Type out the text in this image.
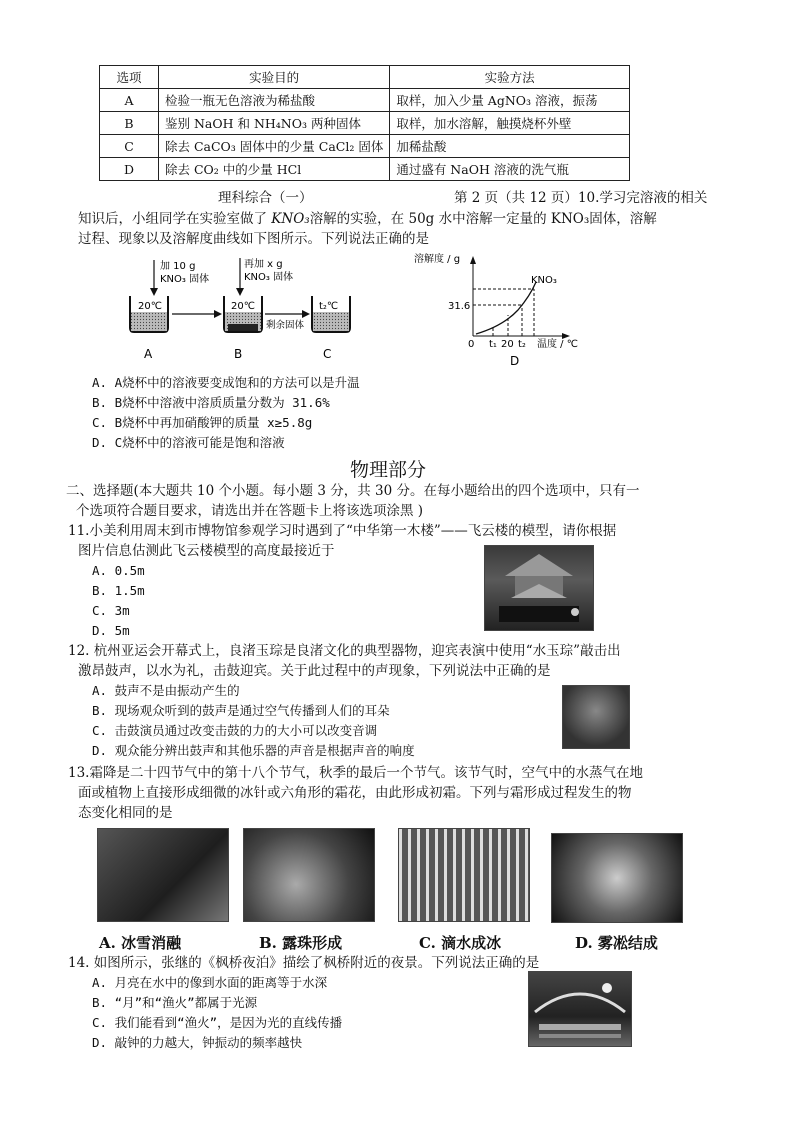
选项	实验目的	实验方法
A	检验一瓶无色溶液为稀盐酸	取样，加入少量 AgNO₃ 溶液，振荡
B	鉴别 NaOH 和 NH₄NO₃ 两种固体	取样，加水溶解，触摸烧杯外壁
C	除去 CaCO₃ 固体中的少量 CaCl₂ 固体	加稀盐酸
D	除去 CO₂ 中的少量 HCl	通过盛有 NaOH 溶液的洗气瓶
理科综合（一）	第 2 页（共 12 页）10.学习完溶液的相关
知识后，小组同学在实验室做了 KNO₃溶解的实验，在 50g 水中溶解一定量的 KNO₃固体，溶解
过程、现象以及溶解度曲线如下图所示。下列说法正确的是
20℃
加 10 g
KNO₃ 固体
20℃
再加 x g
KNO₃ 固体
剩余固体
t₂℃
A	B	C
溶解度 / g
KNO₃
31.6
0 t₁ 20 t₂ 温度 / ℃
D
A. A烧杯中的溶液要变成饱和的方法可以是升温
B. B烧杯中溶液中溶质质量分数为 31.6%
C. B烧杯中再加硝酸钾的质量 x≥5.8g
D. C烧杯中的溶液可能是饱和溶液
物理部分
二、选择题(本大题共 10 个小题。每小题 3 分，共 30 分。在每小题给出的四个选项中，只有一
个选项符合题目要求，请选出并在答题卡上将该选项涂黑 )
11.小美利用周末到市博物馆参观学习时遇到了“中华第一木楼”——飞云楼的模型，请你根据
图片信息估测此飞云楼模型的高度最接近于
A. 0.5m
B. 1.5m
C. 3m
D. 5m
12. 杭州亚运会开幕式上，良渚玉琮是良渚文化的典型器物，迎宾表演中使用“水玉琮”敲击出
激昂鼓声，以水为礼，击鼓迎宾。关于此过程中的声现象，下列说法中正确的是
A. 鼓声不是由振动产生的
B. 现场观众听到的鼓声是通过空气传播到人们的耳朵
C. 击鼓演员通过改变击鼓的力的大小可以改变音调
D. 观众能分辨出鼓声和其他乐器的声音是根据声音的响度
13.霜降是二十四节气中的第十八个节气，秋季的最后一个节气。该节气时，空气中的水蒸气在地
面或植物上直接形成细微的冰针或六角形的霜花，由此形成初霜。下列与霜形成过程发生的物
态变化相同的是
A. 冰雪消融	B. 露珠形成	C. 滴水成冰	D. 雾凇结成
14. 如图所示，张继的《枫桥夜泊》描绘了枫桥附近的夜景。下列说法正确的是
A. 月亮在水中的像到水面的距离等于水深
B. “月”和“渔火”都属于光源
C. 我们能看到“渔火”，是因为光的直线传播
D. 敲钟的力越大，钟振动的频率越快
